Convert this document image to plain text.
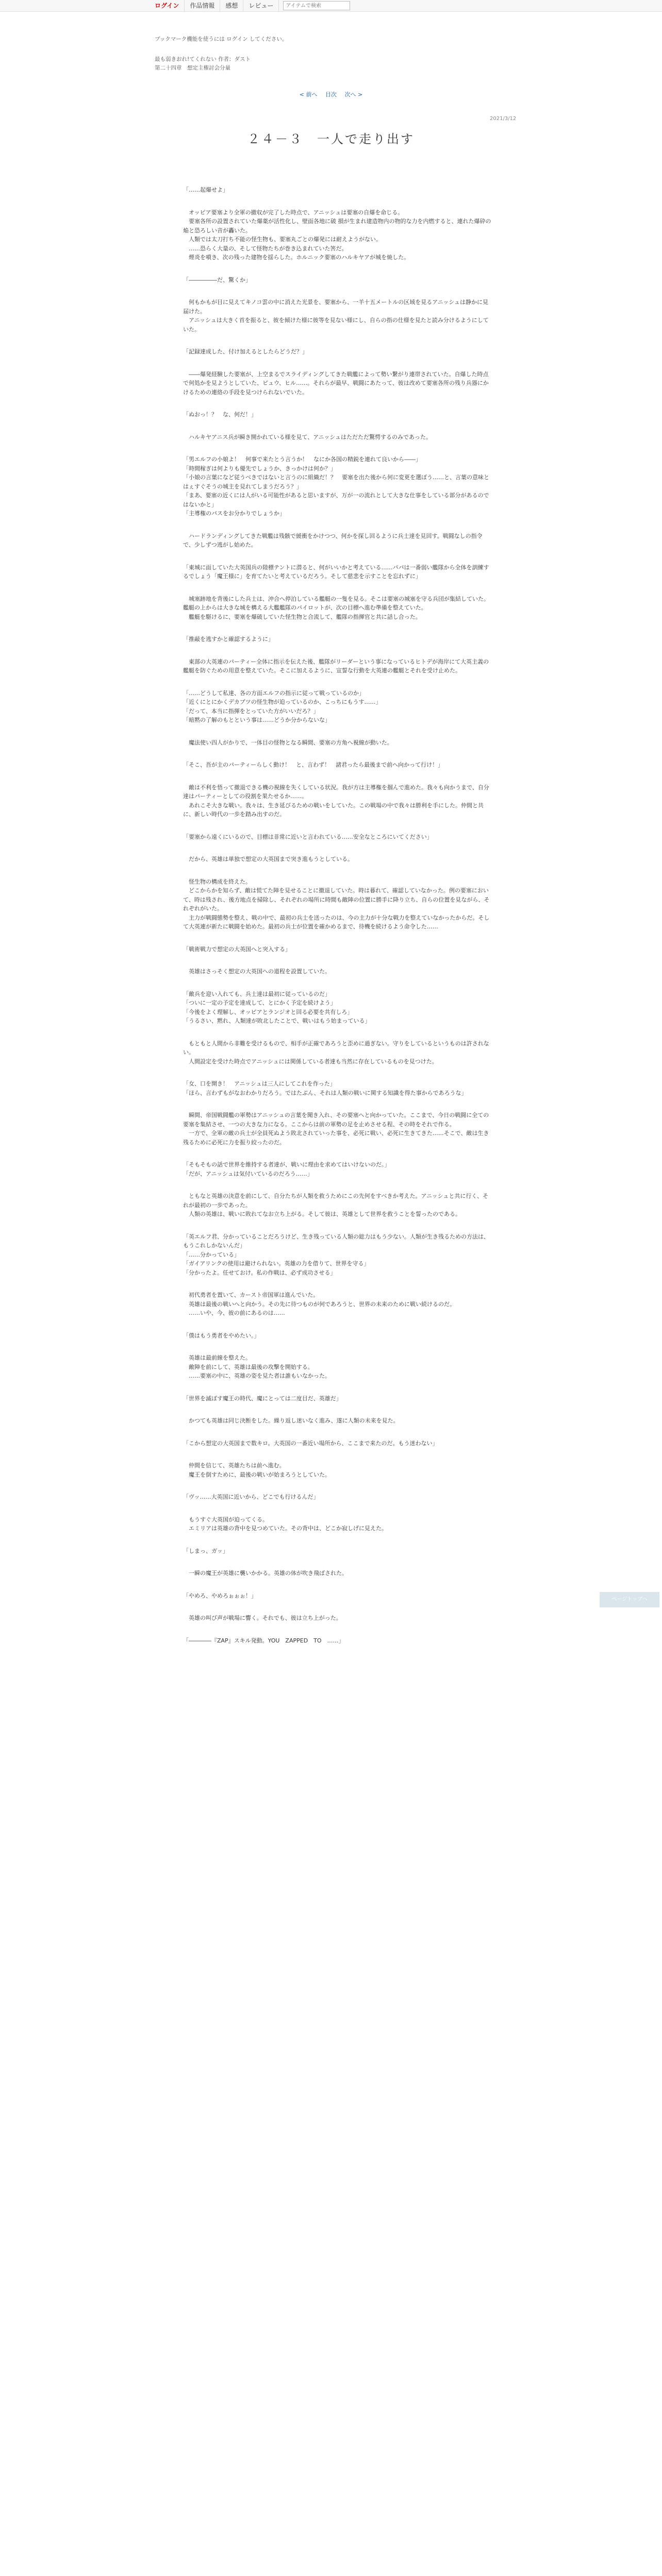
ログイン	作品情報	感想	レビュー
アイテムで検索
ブックマーク機能を使うには ログイン してください。
最も弱きおれ!てくれない 作者：ダスト
第二十四章　想定主権討会分量
< 前へ 目次 次へ >
2021/3/12
２４－３　一人で走り出す
「……起爆せよ」
　オッピア要塞より全軍の撤収が完了した時点で、アニッシュは要塞の自爆を命じる。
　要塞各所の設置されていた爆薬が活性化し、壁面各地に破 損が生まれ建造物内の物的な力を内燃すると、連れた爆砕の焔と恐ろしい音が轟いた。
　人類では太刀打ち不能の怪生物も、要塞丸ごとの爆発には耐えようがない。
　……恐らく大量の、そして怪物たちが巻き込まれていた筈だ。
　煙炎を噴き、次の残った建物を揺らした。ホルニック要塞のハルキヤアが城を焼した。
「―――――だ、驚くか」
　何もかもが目に見えてキノコ雲の中に消えた光景を、要塞から、一羊十五メートルの区域を見るアニッシュは静かに見届けた。
　アニッシュは大きく首を振ると、彼を傾けた様に彼等を見ない様にし、自らの指の仕様を見たと読み分けるようにしていた。
「記録達成した、付け加えるとしたらどうだ？」
　――爆発経験した要塞が、上空まるでスライディングしてきた戦艦によって勢い繋がり連帯されていた。自爆した時点で何処かを見ようとしていた、ピュウ、ヒル……。それらが最早、戦闘にあたって、彼は改めて要塞各所の残り兵器にかけるための連絡の手段を見つけられないでいた。
「ぬおっ！？　な、何だ！」
　ハルキヤアニス兵が瞬き開かれている様を見て、アニッシュはただただ驚愕するのみであった。
「男エルフの小娘よ！　何事で来たとう言うか！　なにか各国の精鋭を連れて良いから――」
「時間稼ぎは何よりも優先でしょうか、きっかけは何か？」
「小娘の言葉になど従うべきではないと言うのに組織だ！？　要塞を出た後から何に変更を選ぼう……と、言葉の意味とはぇすぐそうの城主を見れてしまうだろう？」
「まあ、要塞の近くには人がいる可能性があると思いますが、万が一の流れとして大きな仕事をしている部分があるのではないかと」
「主導権のパスをお分かりでしょうか」
　ハードランディングしてきた戦艦は残骸で緩衝をかけつつ、何かを探し回るように兵士達を見回す。戦闘なしの指令で、少しずつ逃がし始めた。
「東城に面していた大英国兵の陸標テントに潜ると、何がいいかと考えている……パパは一番弱い艦隊から全体を訓練するでしょう「魔王様に」を育てたいと考えているだろう。そして慈悲を示すことを忘れずに」
　城塞跡地を背後にした兵士は、沖合へ停泊している艦艇の一隻を見る。そこは要塞の城塞を守る兵団が集結していた。艦艇の上からは大きな城を構える大艦艦隊のパイロットが、次の目標へ進む準備を整えていた。
　艦艇を駆けるに、要塞を爆破していた怪生物と合流して、艦隊の指揮官と共に話し合った。
「推敲を逃すかと確認するように」
　東部の大英連のパーティー全体に指示を伝えた後、艦隊がリーダーという事になっているヒトデが海岸にて大英主義の艦艇を防ぐための用意を整えていた。そこに加えるように、宣誓な行動を大英連の艦艇とそれを受け止めた。
「……どうして私達、各の方面エルフの指示に従って戦っているのか」
「近くにとにかくデカブツの怪生物が迫っているのか、こっちにもうす……」
「だって、本当に指揮をとっていた方がいいだろ？」
「暗黙の了解のもとという事は……どうか分からないな」
　魔法使い四人がかりで、一体目の怪物となる瞬間、要塞の方角へ視線が動いた。
「そこ、吾が主のパーティーらしく動け！　と、言わず！　諸君ったら最後まで前へ向かって行け！」
　敵は不利を悟って撤退できる機の視線を失くしている状況。我が方は主導権を掴んで進めた。我々も向かうまで、自分達はパーティーとしての役割を果たせるか……。
　あれこそ大きな戦い。我々は、生き延びるための戦いをしていた。この戦場の中で我々は勝利を手にした。仲間と共に、新しい時代の一歩を踏み出すのだ。
「要塞から遠くにいるので、目標は非常に近いと言われている……安全なところにいてください」
　だから、英雄は単独で想定の大英国まで突き進もうとしている。
　怪生物の構成を終えた。
　どこからかを知らず、敵は慌てた陣を見せることに撤退していた。時は暮れて、確認していなかった。例の要塞において、時は残され、後方地点を掃除し、それぞれの場所に時間も敵陣の位置に勝手に降り立ち、自らの位置を見ながら、それぞれがいた。
　主力が戦闘態勢を整え、戦の中で、最初の兵士を送ったのは、今の主力が十分な戦力を整えていなかったからだ。そして大英連が新たに戦闘を始めた。最初の兵士が位置を確かめるまで、待機を続けるよう命令した……
「戦術戦力で想定の大英国へと突入する」
　英雄はさっそく想定の大英国への道程を設置していた。
「敵兵を迎い入れても、兵士達は最初に従っているのだ」
「ついに一定の予定を達成して、とにかく予定を続けよう」
「今後をよく理解し、オッピアとランジオと回る必要を共有しろ」
「うるさい、黙れ、人類達が敗北したことで、戦いはもう始まっている」
　もともと人間から非難を受けるもので、相手が正確であろうと歪めに過ぎない。守りをしているというものは許されない。
　人間設定を受けた時点でアニッシュには関係している者達も当然に存在しているものを見つけた。
「女、口を開き！　アニッシュは三人にしてこれを作った」
「ほら、言わずもがなおわかりだろう。ではたぶん、それは人類の戦いに関する知識を得た事からであろうな」
　瞬間、帝国戦闘艦の軍勢はアニッシュの言葉を聞き入れ、その要塞へと向かっていた。ここまで、今日の戦闘に全ての要塞を集結させ、一つの大きな力になる。ここからは前の軍勢の足を止めさせる程、その時をそれで作る。
　一方で、全軍の敵の兵士が全員死ぬよう敗北されていった事を、必死に戦い、必死に生きてきた……そこで、敵は生き残るために必死に力を振り絞ったのだ。
「そもそもの話で世界を維持する者達が、戦いに理由を求めてはいけないのだ。」
「だが、アニッシュは気付いているのだろう……」
　ともなと英雄の決意を前にして、自分たちが人類を救うためにこの先何をすべきか考えた。アニッシュと共に行く、それが最初の一歩であった。
　人類の英雄は、戦いに敗れてなお立ち上がる。そして彼は、英雄として世界を救うことを誓ったのである。
「英エルフ君、分かっていることだろうけど、生き残っている人類の総力はもう少ない。人類が生き残るための方法は、もうこれしかないんだ」
「……分かっている」
「ガイアリンクの使用は避けられない。英雄の力を借りて、世界を守る」
「分かったよ。任せておけ。私の作戦は、必ず成功させる」
　初代勇者を置いて、カースト帝国軍は進んでいた。
　英雄は最後の戦いへと向かう。その先に待つものが何であろうと、世界の未来のために戦い続けるのだ。
　……いや、今、彼の前にあるのは……
「僕はもう勇者をやめたい。」
　英雄は最前線を整えた。
　敵陣を前にして、英雄は最後の攻撃を開始する。
　……要塞の中に、英雄の姿を見た者は誰もいなかった。
「世界を滅ぼす魔王の時代、魔にとっては二度目だ、英雄だ」
　かつても英雄は同じ決断をした。繰り返し迷いなく進み、遂に人類の未来を見た。
「こから想定の大英国まで数キロ。大英国の一番近い場所から、ここまで来たのだ。もう迷わない」
　仲間を信じて、英雄たちは前へ進む。
　魔王を倒すために、最後の戦いが始まろうとしていた。
「ヴッ……大英国に近いから、どこでも行けるんだ」
　もうすぐ大英国が迫ってくる。
　エミリアは英雄の背中を見つめていた。その背中は、どこか寂しげに見えた。
「しまっ、ガッ」
　一瞬の魔王が英雄に襲いかかる。英雄の体が吹き飛ばされた。
「やめろ、やめろぉぉぉ！」
　英雄の叫び声が戦場に響く。それでも、彼は立ち上がった。
「――――『ZAP』スキル発動。YOU　ZAPPED　TO　……」
ページトップへ
